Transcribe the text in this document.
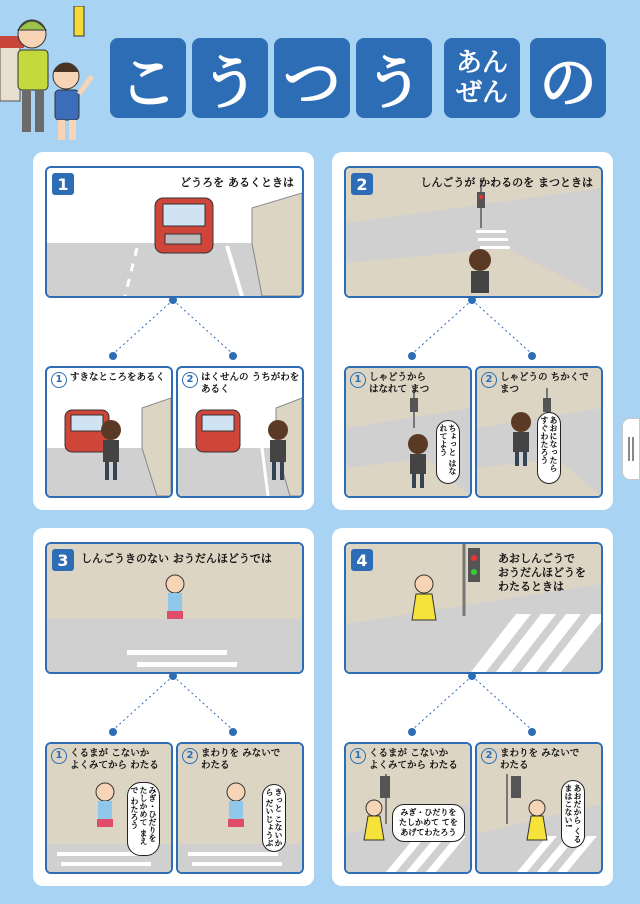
こ う つ う	あん
ぜん の
1	どうろを あるくときは
1 すきなところをあるく	2 はくせんの うちがわを
あるく
2	しんごうが かわるのを まつときは
1 しゃどうから
はなれて まつ
ちょっと はなれてよう
2 しゃどうの ちかくで
まつ
あおになったら すぐわたろう
3	しんごうきのない おうだんほどうでは
1 くるまが こないか
よくみてから わたる
みぎ・ひだりを たしかめて まえで わたろう
2 まわりを みないで
わたる
きっと こないから だいじょうぶ
4	あおしんごうで
おうだんほどうを
わたるときは
1 くるまが こないか
よくみてから わたる
みぎ・ひだりを
たしかめて てを
あげてわたろう
2 まわりを みないで
わたる
あおだから くるまはこない!
